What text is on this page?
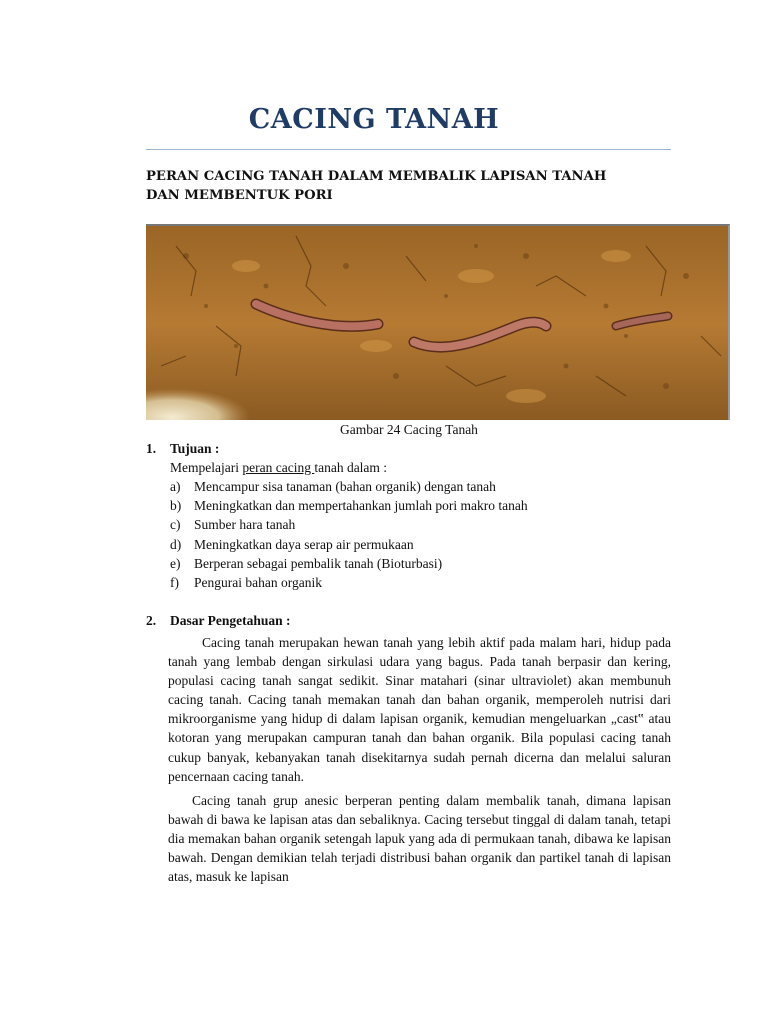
CACING TANAH
PERAN CACING TANAH DALAM MEMBALIK LAPISAN TANAH
DAN MEMBENTUK PORI
Gambar 24 Cacing Tanah
1. Tujuan :
Mempelajari peran cacing tanah dalam :
a) Mencampur sisa tanaman (bahan organik) dengan tanah
b) Meningkatkan dan mempertahankan jumlah pori makro tanah
c) Sumber hara tanah
d) Meningkatkan daya serap air permukaan
e) Berperan sebagai pembalik tanah (Bioturbasi)
f) Pengurai bahan organik
2. Dasar Pengetahuan :

Cacing tanah merupakan hewan tanah yang lebih aktif pada malam hari, hidup pada tanah yang lembab dengan sirkulasi udara yang bagus. Pada tanah berpasir dan kering, populasi cacing tanah sangat sedikit. Sinar matahari (sinar ultraviolet) akan membunuh cacing tanah. Cacing tanah memakan tanah dan bahan organik, memperoleh nutrisi dari mikroorganisme yang hidup di dalam lapisan organik, kemudian mengeluarkan „cast‟ atau kotoran yang merupakan campuran tanah dan bahan organik. Bila populasi cacing tanah cukup banyak, kebanyakan tanah disekitarnya sudah pernah dicerna dan melalui saluran pencernaan cacing tanah.

Cacing tanah grup anesic berperan penting dalam membalik tanah, dimana lapisan bawah di bawa ke lapisan atas dan sebaliknya. Cacing tersebut tinggal di dalam tanah, tetapi dia memakan bahan organik setengah lapuk yang ada di permukaan tanah, dibawa ke lapisan bawah. Dengan demikian telah terjadi distribusi bahan organik dan partikel tanah di lapisan atas, masuk ke lapisan
